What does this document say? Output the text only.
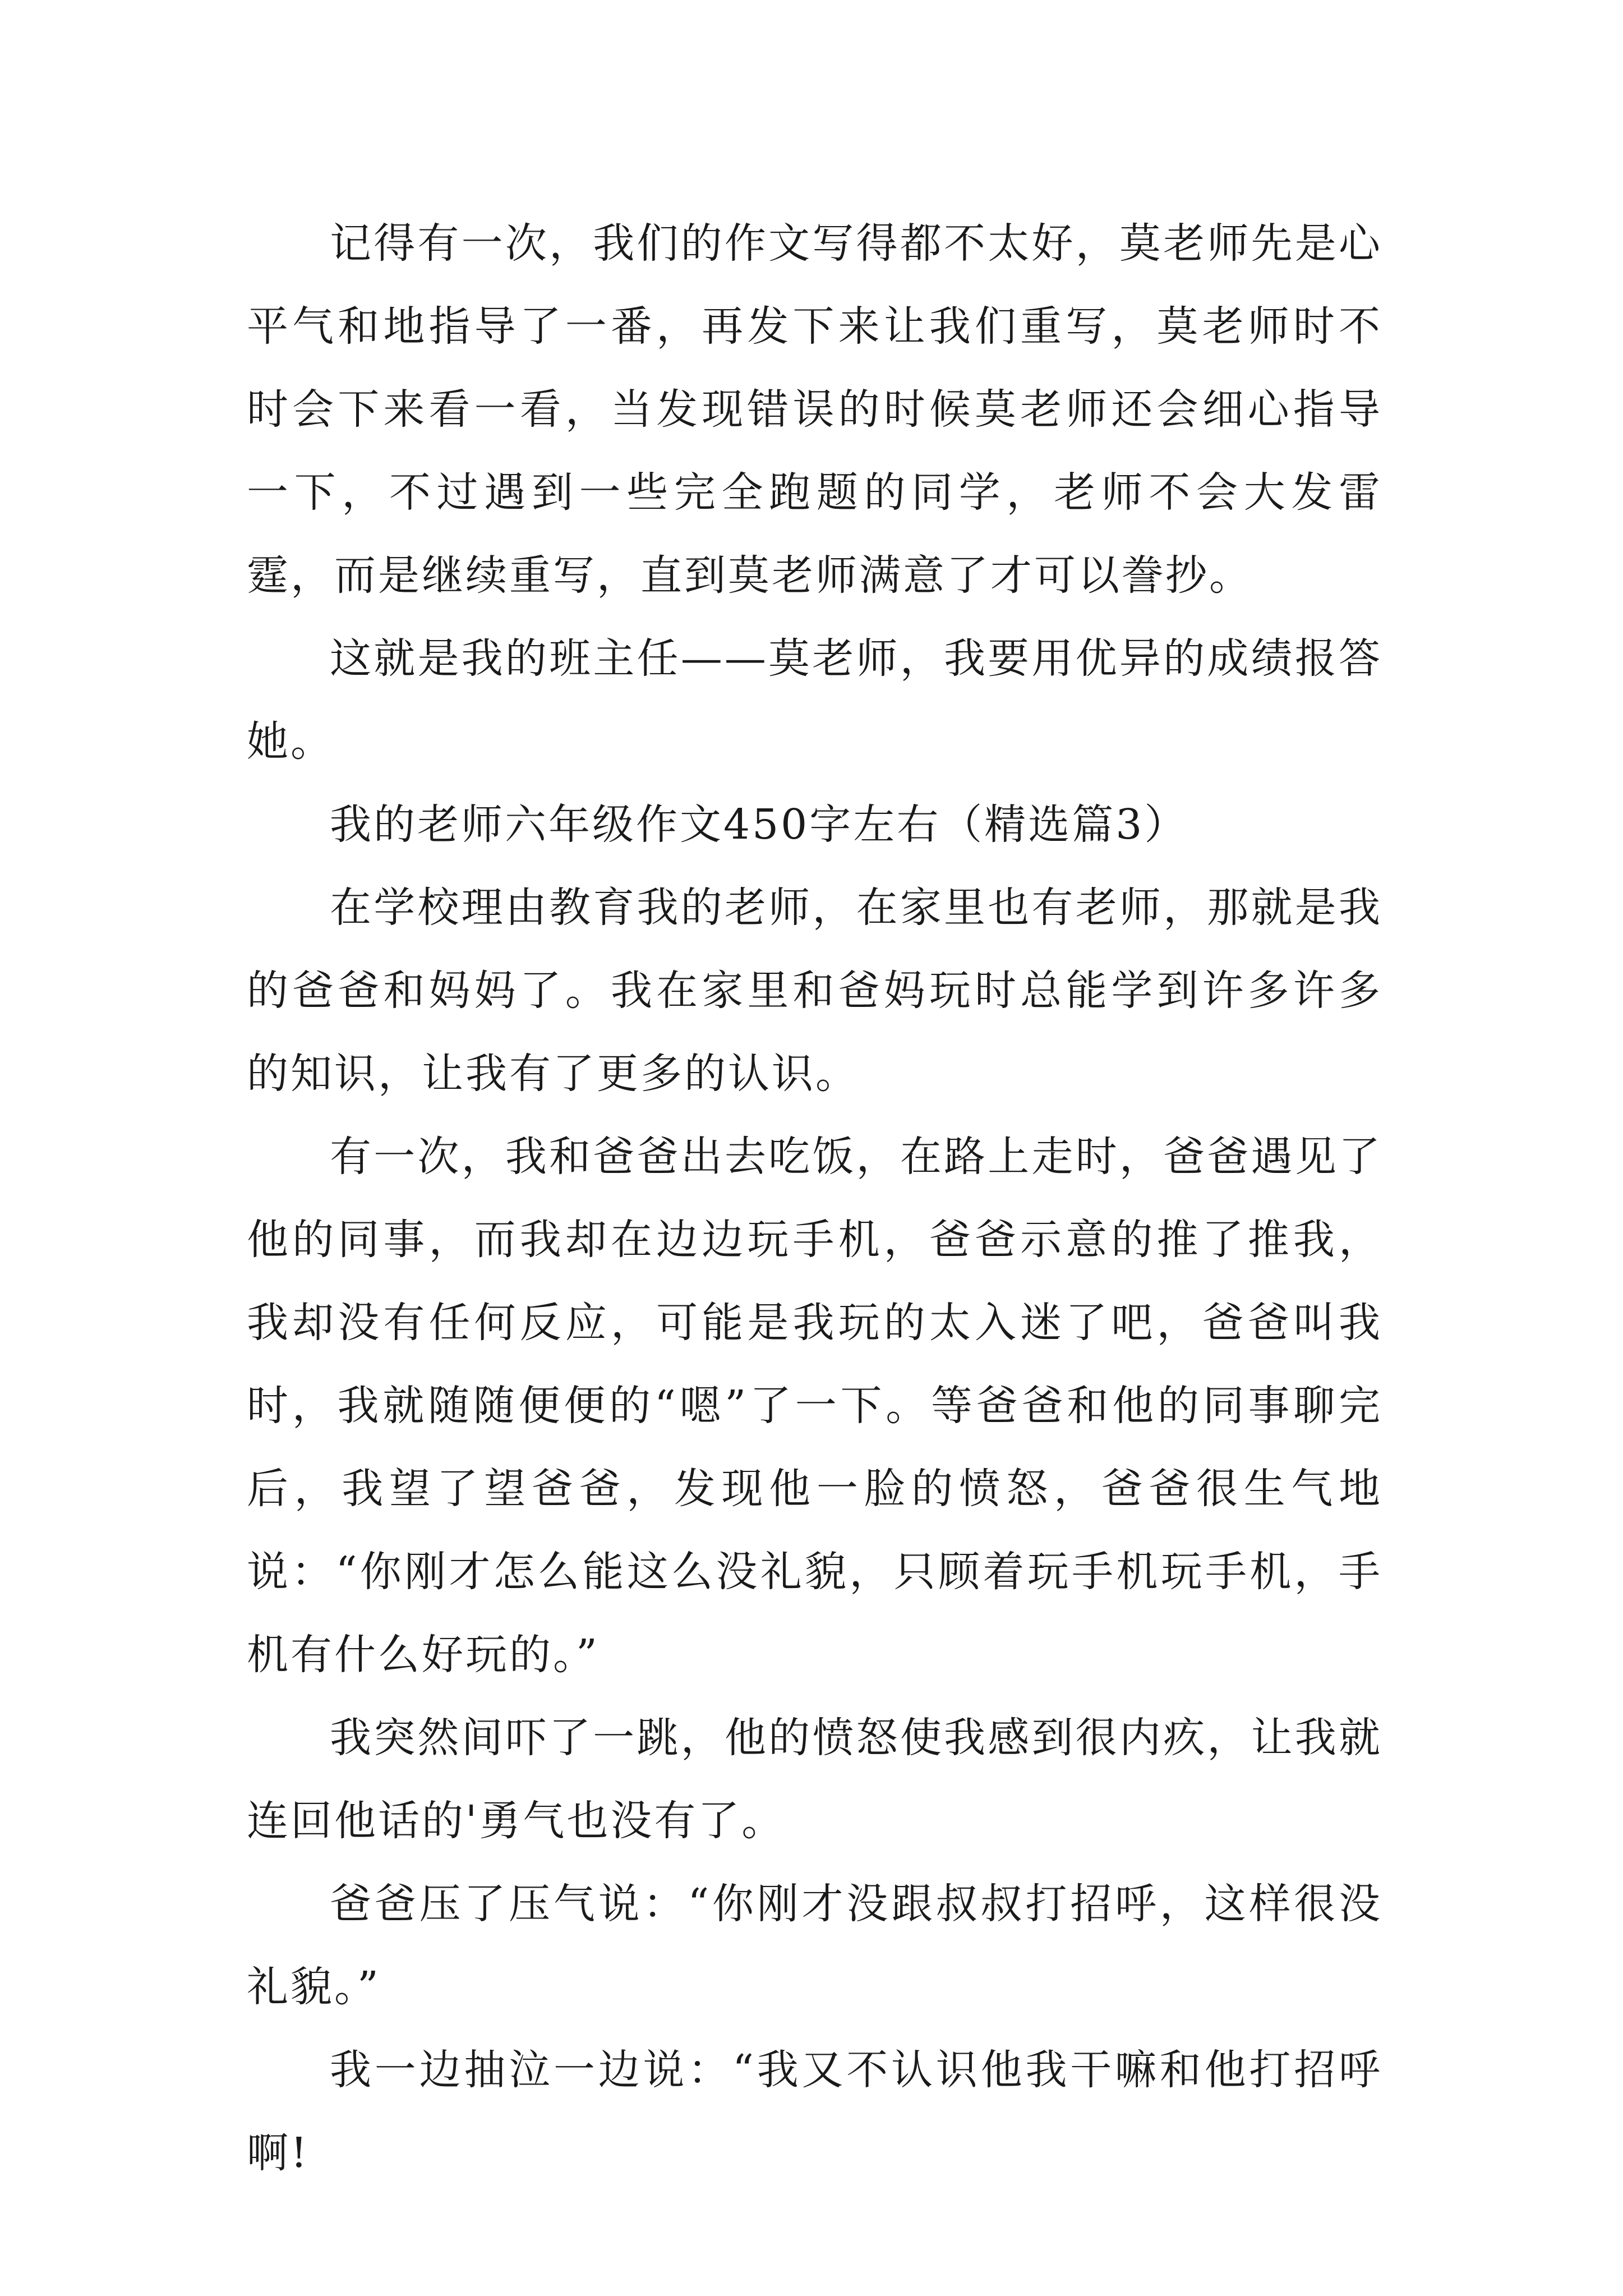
记得有一次，我们的作文写得都不太好，莫老师先是心平气和地指导了一番，再发下来让我们重写，莫老师时不时会下来看一看，当发现错误的时候莫老师还会细心指导一下，不过遇到一些完全跑题的同学，老师不会大发雷霆，而是继续重写，直到莫老师满意了才可以誊抄。

这就是我的班主任——莫老师，我要用优异的成绩报答她。

我的老师六年级作文450字左右（精选篇3）

在学校理由教育我的老师，在家里也有老师，那就是我的爸爸和妈妈了。我在家里和爸妈玩时总能学到许多许多的知识，让我有了更多的认识。

有一次，我和爸爸出去吃饭，在路上走时，爸爸遇见了他的同事，而我却在边边玩手机，爸爸示意的推了推我，我却没有任何反应，可能是我玩的太入迷了吧，爸爸叫我时，我就随随便便的“嗯”了一下。等爸爸和他的同事聊完后，我望了望爸爸，发现他一脸的愤怒，爸爸很生气地说：“你刚才怎么能这么没礼貌，只顾着玩手机玩手机，手机有什么好玩的。”

我突然间吓了一跳，他的愤怒使我感到很内疚，让我就连回他话的'勇气也没有了。

爸爸压了压气说：“你刚才没跟叔叔打招呼，这样很没礼貌。”

我一边抽泣一边说：“我又不认识他我干嘛和他打招呼啊!
